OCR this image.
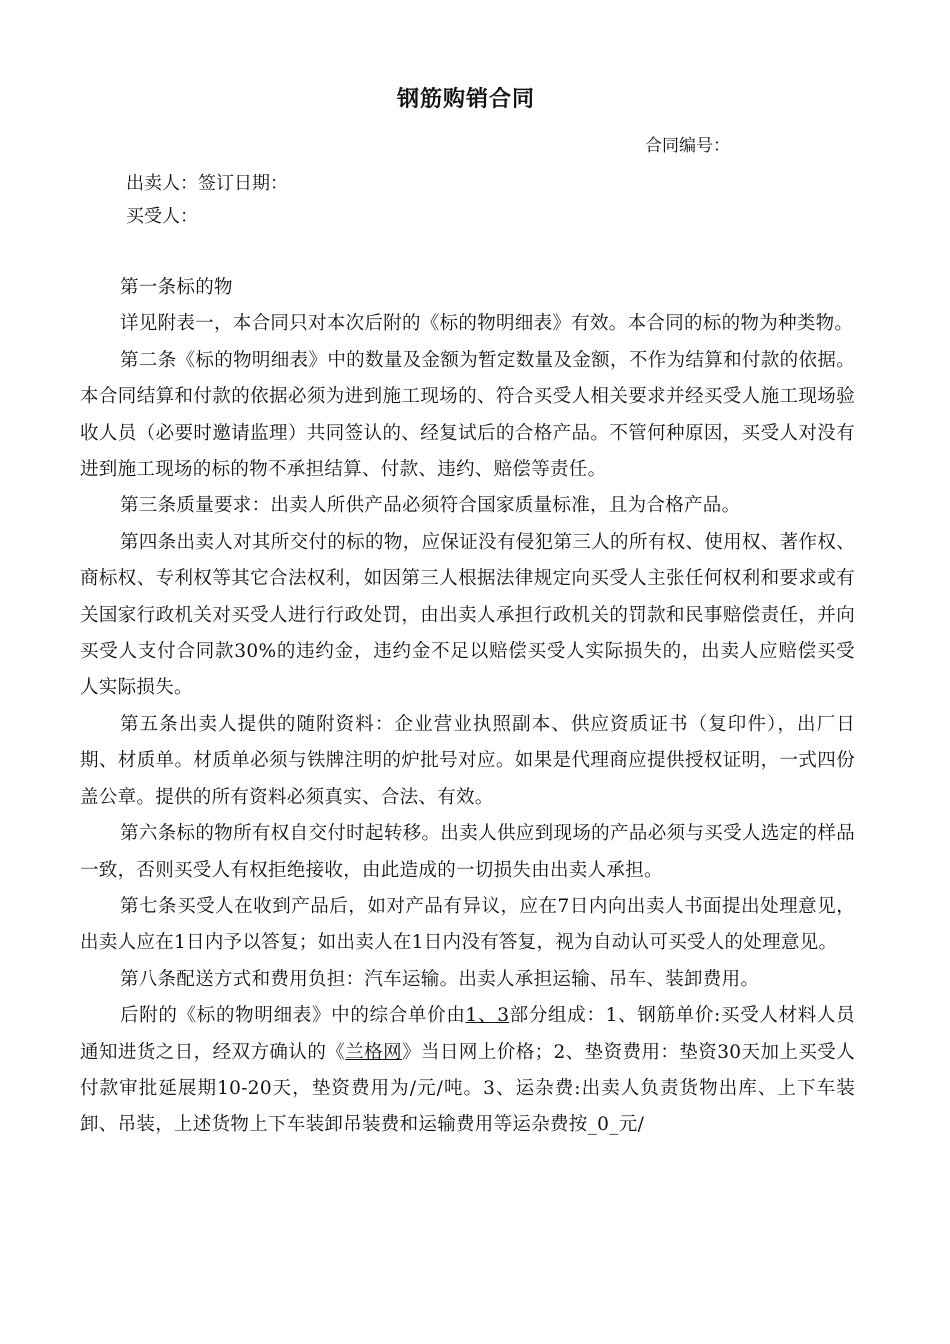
钢筋购销合同
合同编号：
出卖人：签订日期：
买受人：

第一条标的物

详见附表一，本合同只对本次后附的《标的物明细表》有效。本合同的标的物为种类物。

第二条《标的物明细表》中的数量及金额为暂定数量及金额，不作为结算和付款的依据。本合同结算和付款的依据必须为进到施工现场的、符合买受人相关要求并经买受人施工现场验收人员（必要时邀请监理）共同签认的、经复试后的合格产品。不管何种原因，买受人对没有进到施工现场的标的物不承担结算、付款、违约、赔偿等责任。

第三条质量要求：出卖人所供产品必须符合国家质量标准，且为合格产品。

第四条出卖人对其所交付的标的物，应保证没有侵犯第三人的所有权、使用权、著作权、商标权、专利权等其它合法权利，如因第三人根据法律规定向买受人主张任何权利和要求或有关国家行政机关对买受人进行行政处罚，由出卖人承担行政机关的罚款和民事赔偿责任，并向买受人支付合同款30%的违约金，违约金不足以赔偿买受人实际损失的，出卖人应赔偿买受人实际损失。

第五条出卖人提供的随附资料：企业营业执照副本、供应资质证书（复印件），出厂日期、材质单。材质单必须与铁牌注明的炉批号对应。如果是代理商应提供授权证明，一式四份盖公章。提供的所有资料必须真实、合法、有效。

第六条标的物所有权自交付时起转移。出卖人供应到现场的产品必须与买受人选定的样品一致，否则买受人有权拒绝接收，由此造成的一切损失由出卖人承担。

第七条买受人在收到产品后，如对产品有异议，应在7日内向出卖人书面提出处理意见，出卖人应在1日内予以答复；如出卖人在1日内没有答复，视为自动认可买受人的处理意见。

第八条配送方式和费用负担：汽车运输。出卖人承担运输、吊车、装卸费用。

后附的《标的物明细表》中的综合单价由1、3部分组成：1、钢筋单价:买受人材料人员通知进货之日，经双方确认的《兰格网》当日网上价格；2、垫资费用：垫资30天加上买受人付款审批延展期10-20天，垫资费用为/元/吨。3、运杂费:出卖人负责货物出库、上下车装卸、吊装，上述货物上下车装卸吊装费和运输费用等运杂费按_0_元/
